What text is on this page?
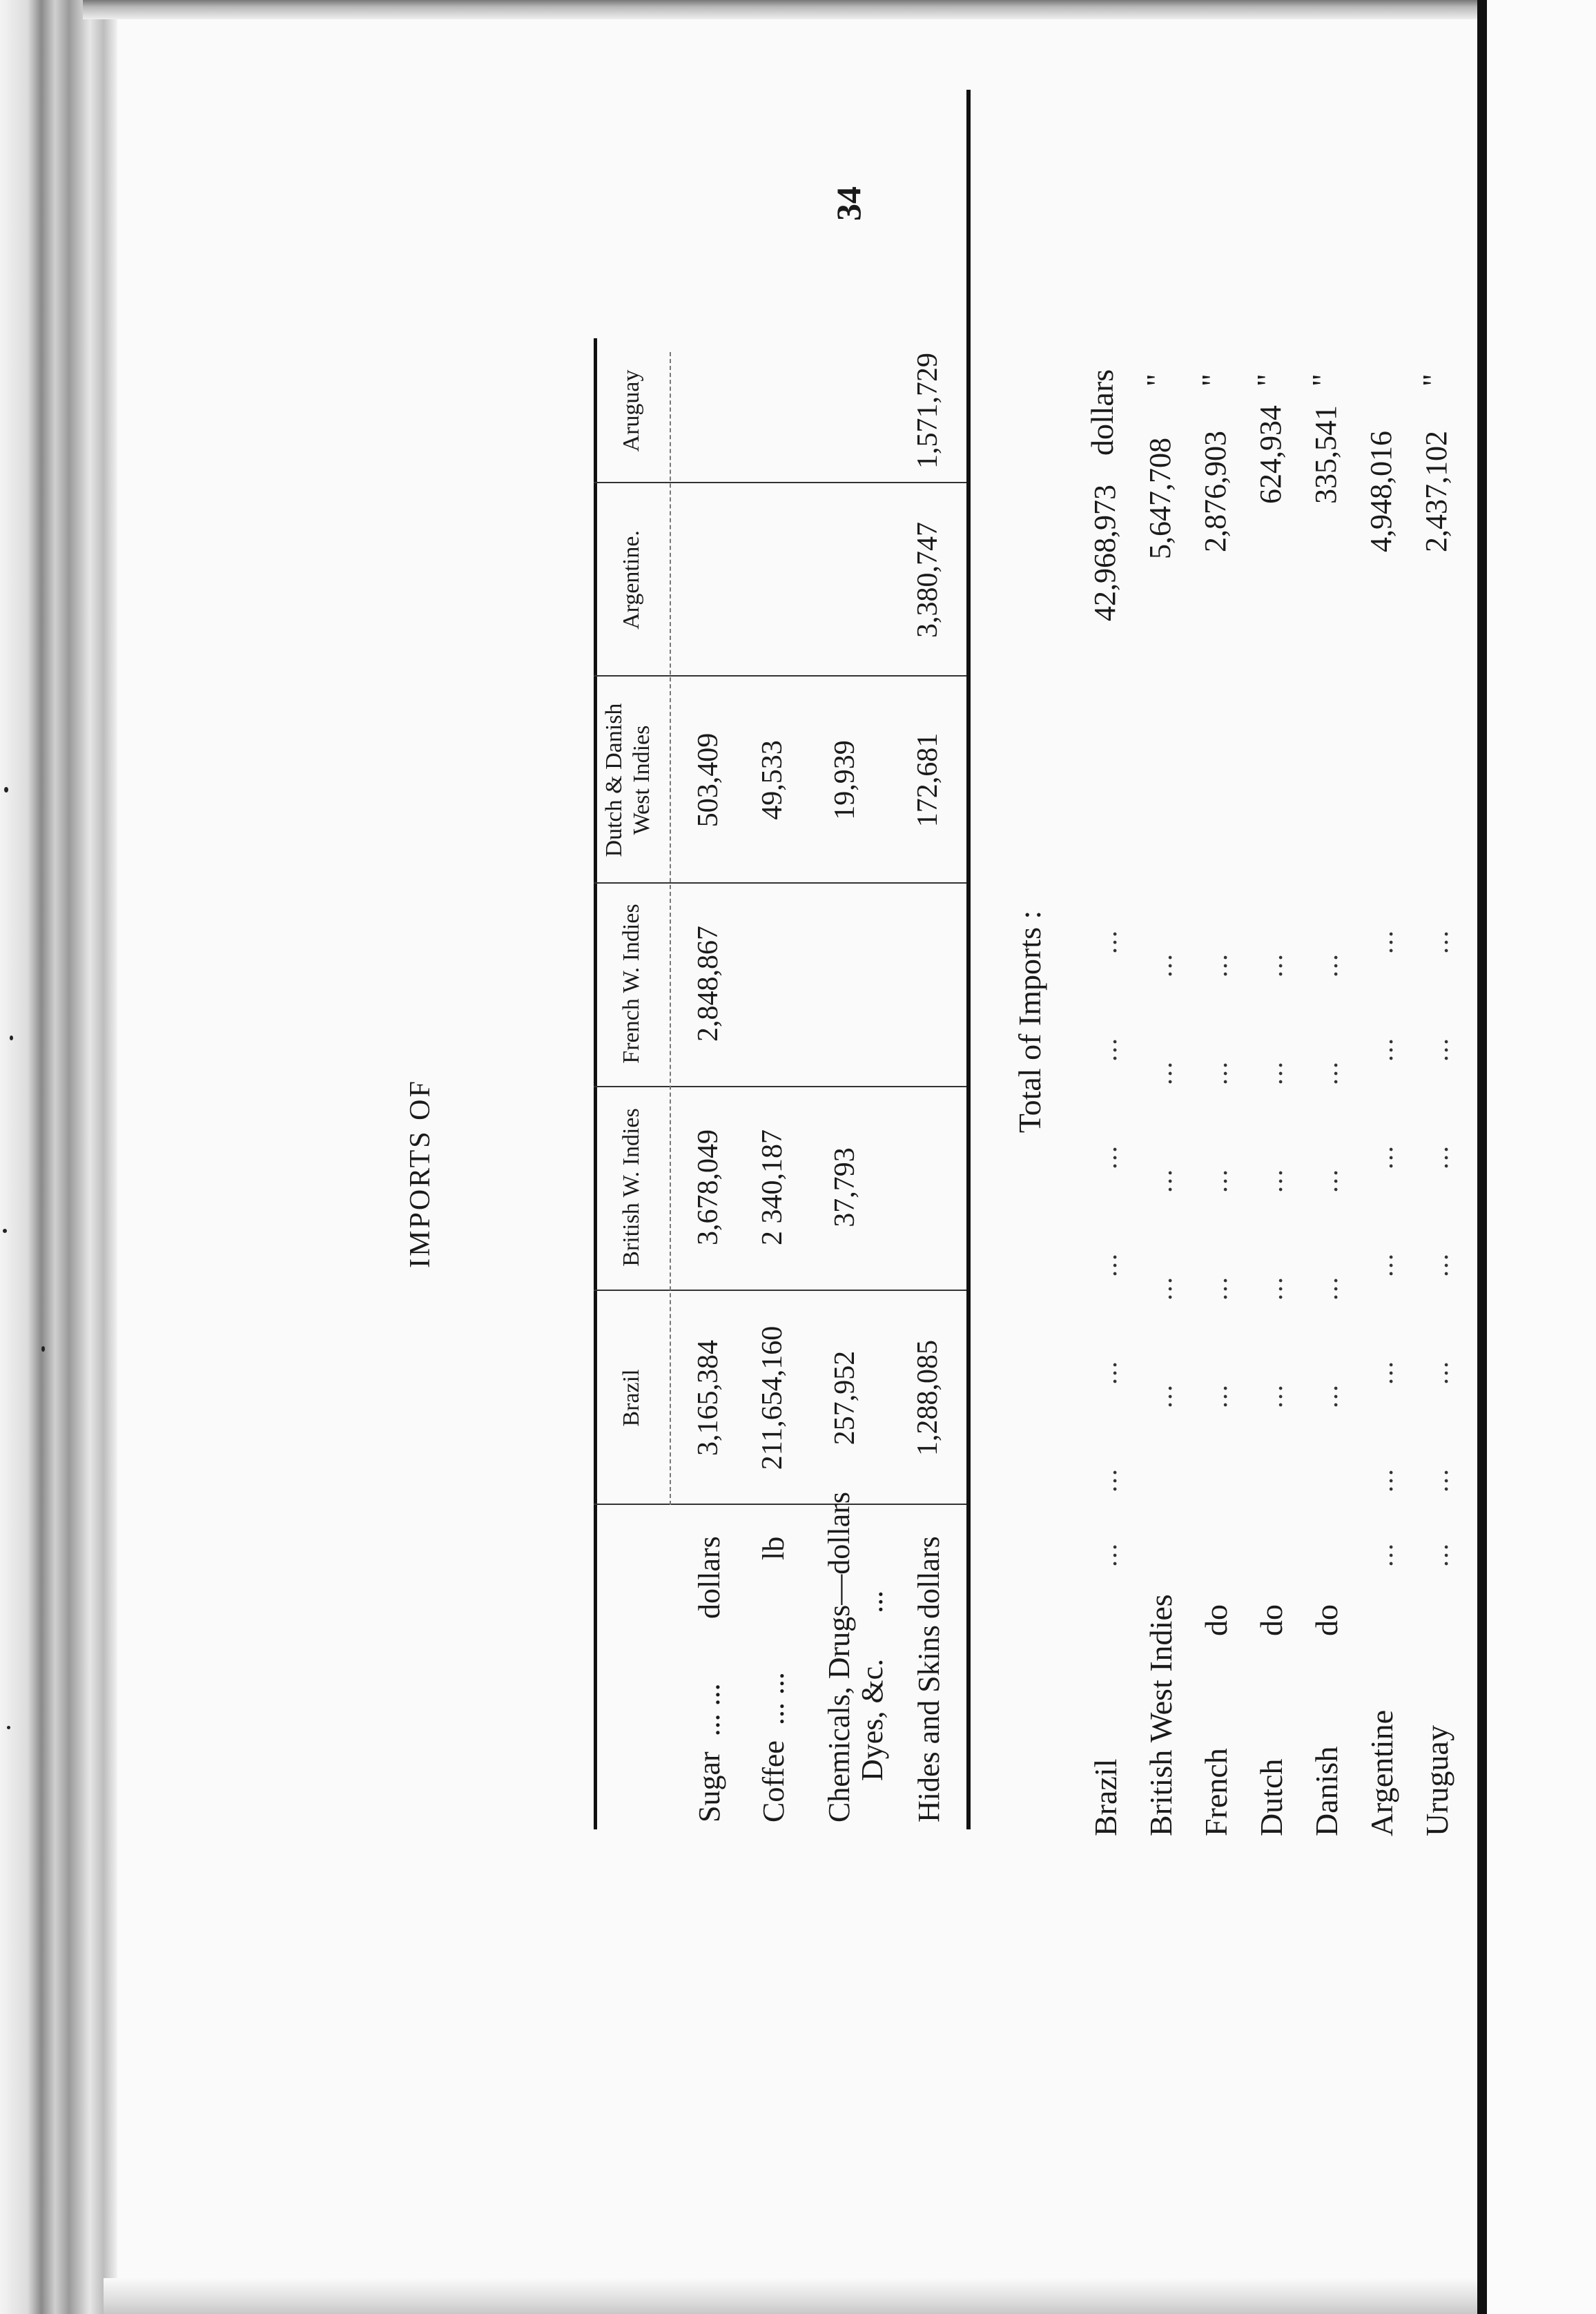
34
IMPORTS OF
Brazil
British W. Indies
French W. Indies
Dutch & Danish West Indies
Argentine.
Aruguay
Sugar  ... ...
dollars
3,165,384
3,678,049
2,848,867
503,409
Coffee  ... ...
lb
211,654,160
2 340,187
49,533
Chemicals, Drugs—dollars Dyes, &c.      ...
257,952
37,793
19,939
Hides and Skins
dollars
1,288,085
172,681
3,380,747
1,571,729
Total of Imports :
Brazil
...      ...          ...          ...          ...          ...          ...
42,968,973
dollars
British West Indies
...          ...          ...          ...          ...
5,647,708
"
French
do
...          ...          ...          ...          ...
2,876,903
"
Dutch
do
...          ...          ...          ...          ...
624,934
"
Danish
do
...          ...          ...          ...          ...
335,541
"
Argentine
...      ...          ...          ...          ...          ...          ...
4,948,016
Uruguay
...      ...          ...          ...          ...          ...          ...
2,437,102
"
